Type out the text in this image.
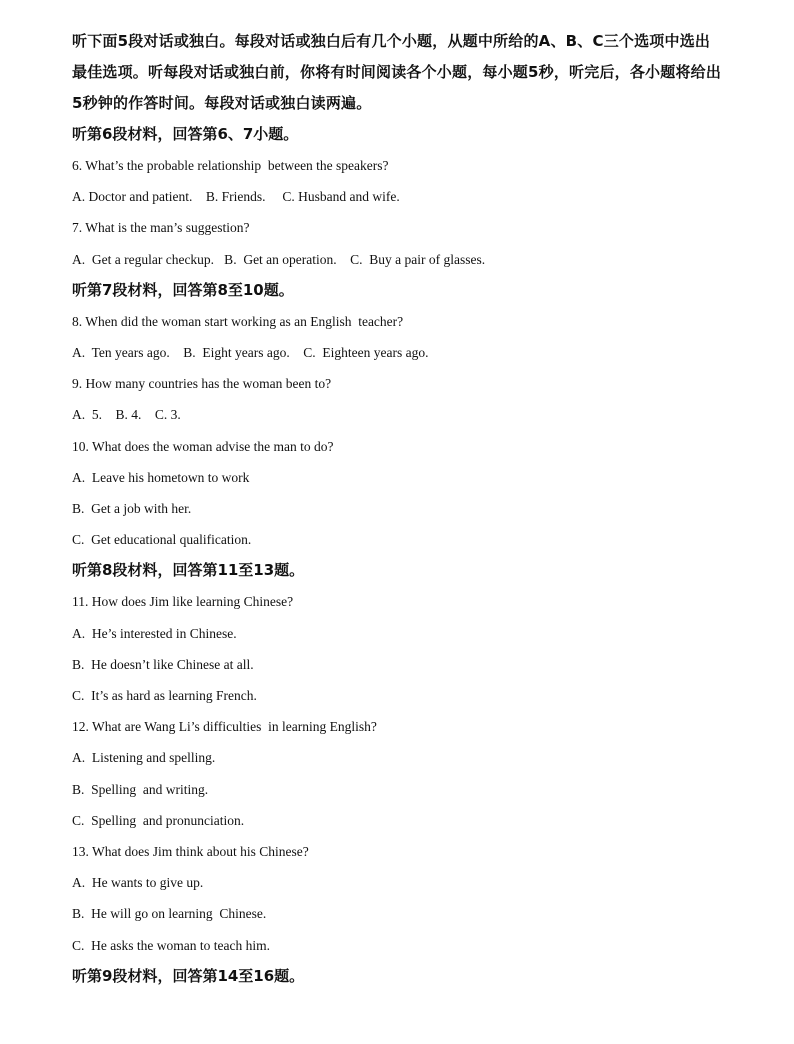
听下面5段对话或独白。每段对话或独白后有几个小题，从题中所给的A、B、C三个选项中选出最佳选项。听每段对话或独白前，你将有时间阅读各个小题，每小题5秒，听完后，各小题将给出5秒钟的作答时间。每段对话或独白读两遍。

听第6段材料，回答第6、7小题。

6. What’s the probable relationship  between the speakers?

A. Doctor and patient.    B. Friends.     C. Husband and wife.

7. What is the man’s suggestion?

A.  Get a regular checkup.   B.  Get an operation.    C.  Buy a pair of glasses.

听第7段材料，回答第8至10题。

8. When did the woman start working as an English  teacher?

A.  Ten years ago.    B.  Eight years ago.    C.  Eighteen years ago.

9. How many countries has the woman been to?

A.  5.    B. 4.    C. 3.

10. What does the woman advise the man to do?

A.  Leave his hometown to work

B.  Get a job with her.

C.  Get educational qualification.

听第8段材料，回答第11至13题。

11. How does Jim like learning Chinese?

A.  He’s interested in Chinese.

B.  He doesn’t like Chinese at all.

C.  It’s as hard as learning French.

12. What are Wang Li’s difficulties  in learning English?

A.  Listening and spelling.

B.  Spelling  and writing.

C.  Spelling  and pronunciation.

13. What does Jim think about his Chinese?

A.  He wants to give up.

B.  He will go on learning  Chinese.

C.  He asks the woman to teach him.

听第9段材料，回答第14至16题。
